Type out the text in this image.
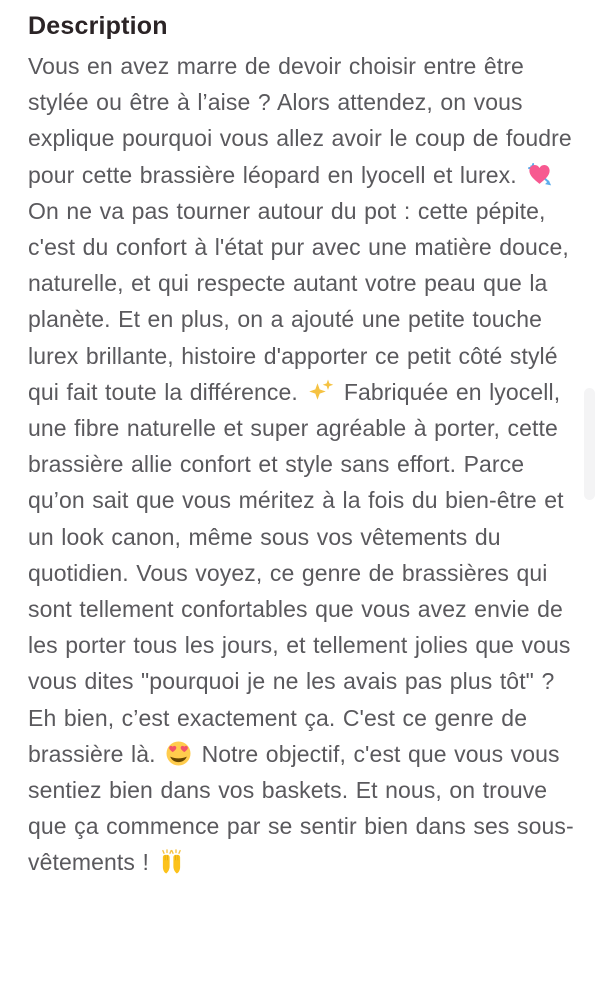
Description

Vous en avez marre de devoir choisir entre être stylée ou être à l’aise ? Alors attendez, on vous explique pourquoi vous allez avoir le coup de foudre pour cette brassière léopard en lyocell et lurex.
On ne va pas tourner autour du pot : cette pépite, c'est du confort à l'état pur avec une matière douce, naturelle, et qui respecte autant votre peau que la planète. Et en plus, on a ajouté une petite touche lurex brillante, histoire d'apporter ce petit côté stylé qui fait toute la différence.
Fabriquée en lyocell, une fibre naturelle et super agréable à porter, cette brassière allie confort et style sans effort. Parce qu’on sait que vous méritez à la fois du bien-être et un look canon, même sous vos vêtements du quotidien. Vous voyez, ce genre de brassières qui sont tellement confortables que vous avez envie de les porter tous les jours, et tellement jolies que vous vous dites "pourquoi je ne les avais pas plus tôt" ? Eh bien, c’est exactement ça. C'est ce genre de brassière là.
Notre objectif, c'est que vous vous sentiez bien dans vos baskets. Et nous, on trouve que ça commence par se sentir bien dans ses sous-vêtements !
